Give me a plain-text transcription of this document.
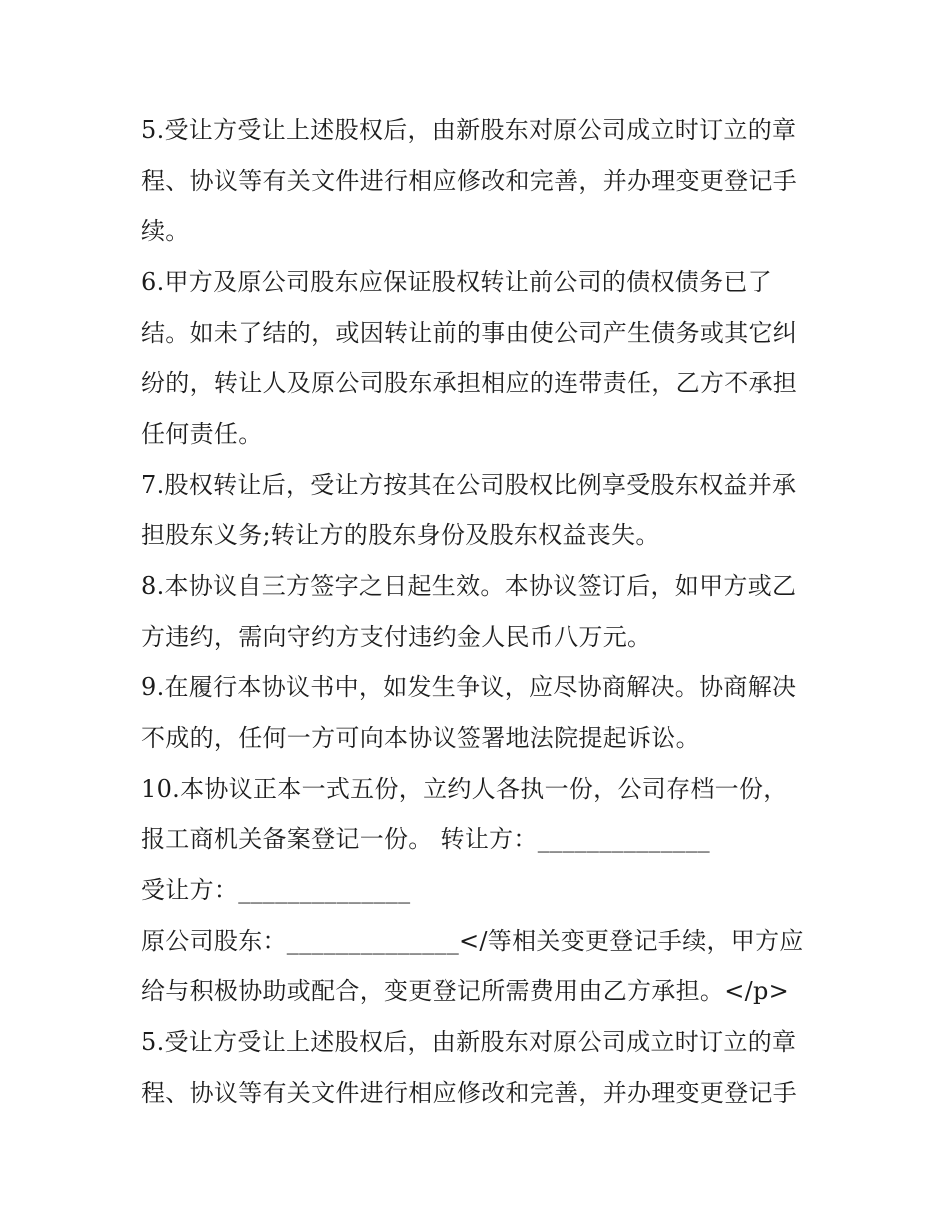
5.受让方受让上述股权后，由新股东对原公司成立时订立的章
程、协议等有关文件进行相应修改和完善，并办理变更登记手
续。
6.甲方及原公司股东应保证股权转让前公司的债权债务已了
结。如未了结的，或因转让前的事由使公司产生债务或其它纠
纷的，转让人及原公司股东承担相应的连带责任，乙方不承担
任何责任。
7.股权转让后，受让方按其在公司股权比例享受股东权益并承
担股东义务;转让方的股东身份及股东权益丧失。
8.本协议自三方签字之日起生效。本协议签订后，如甲方或乙
方违约，需向守约方支付违约金人民币八万元。
9.在履行本协议书中，如发生争议，应尽协商解决。协商解决
不成的，任何一方可向本协议签署地法院提起诉讼。
10.本协议正本一式五份，立约人各执一份，公司存档一份，
报工商机关备案登记一份。 转让方：______________
受让方：______________
原公司股东：______________</等相关变更登记手续，甲方应
给与积极协助或配合，变更登记所需费用由乙方承担。</p>
5.受让方受让上述股权后，由新股东对原公司成立时订立的章
程、协议等有关文件进行相应修改和完善，并办理变更登记手
